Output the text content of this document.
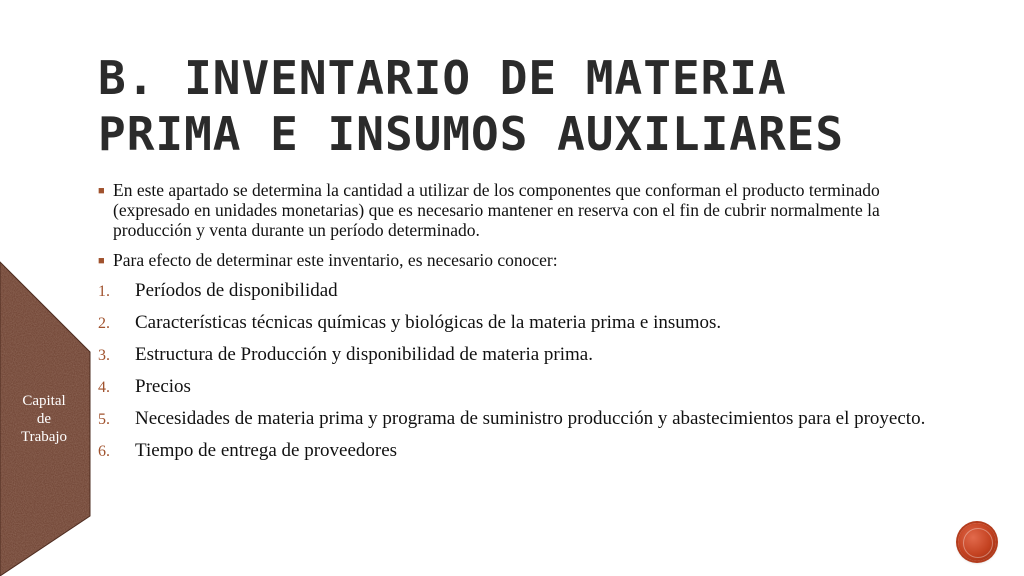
Capital
de
Trabajo
B. INVENTARIO DE MATERIA
PRIMA E INSUMOS AUXILIARES
■ En este apartado se determina la cantidad a utilizar de los componentes que conforman el producto terminado (expresado en unidades monetarias) que es necesario mantener en reserva con el fin de cubrir normalmente la producción y venta durante un período determinado.
■ Para efecto de determinar este inventario, es necesario conocer:
1. Períodos de disponibilidad
2. Características técnicas químicas y biológicas de la materia prima e insumos.
3. Estructura de Producción y disponibilidad de materia prima.
4. Precios
5. Necesidades de materia prima y programa de suministro producción y abastecimientos para el proyecto.
6. Tiempo de entrega de proveedores
